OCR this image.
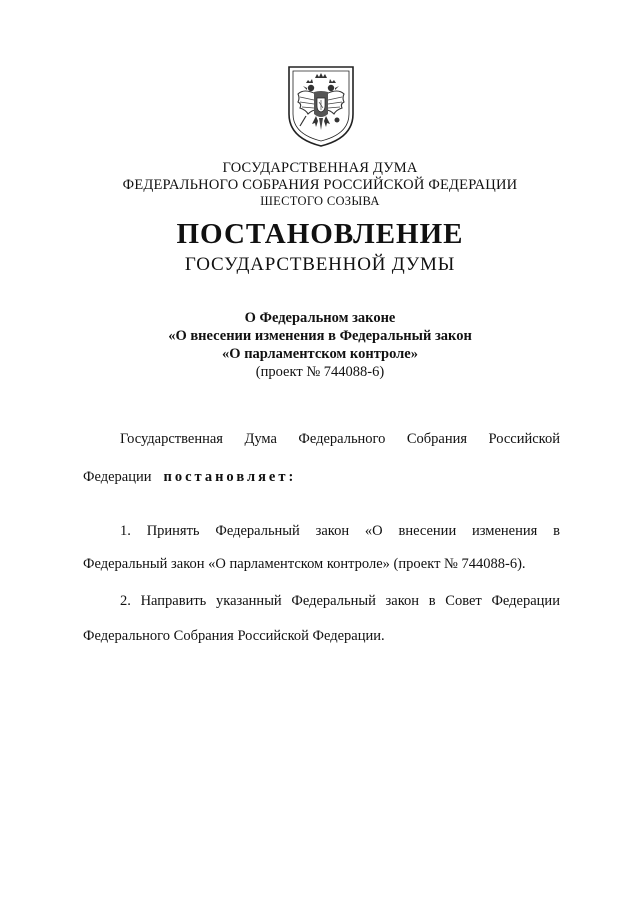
ГОСУДАРСТВЕННАЯ ДУМА
ФЕДЕРАЛЬНОГО СОБРАНИЯ РОССИЙСКОЙ ФЕДЕРАЦИИ
ШЕСТОГО СОЗЫВА
ПОСТАНОВЛЕНИЕ
ГОСУДАРСТВЕННОЙ ДУМЫ
О Федеральном законе
«О внесении изменения в Федеральный закон
«О парламентском контроле»
(проект № 744088-6)
Государственная Дума Федерального Собрания Российской
Федерации постановляет:
1. Принять Федеральный закон «О внесении изменения в
Федеральный закон «О парламентском контроле» (проект № 744088-6).
2. Направить указанный Федеральный закон в Совет Федерации
Федерального Собрания Российской Федерации.
